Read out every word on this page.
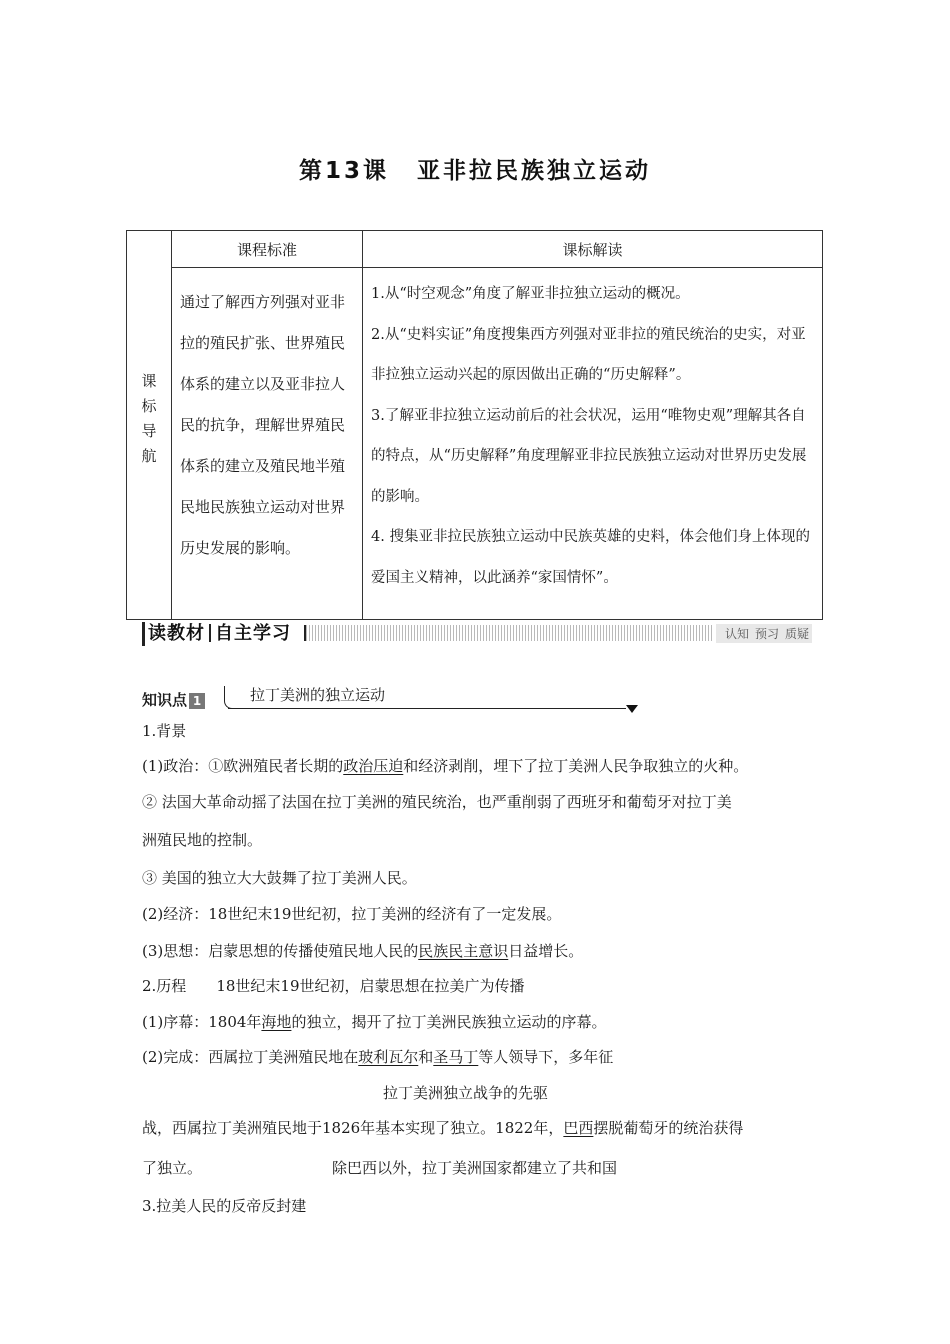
第13课 亚非拉民族独立运动
课标导航	课程标准	课标解读
	通过了解西方列强对亚非拉的殖民扩张、世界殖民体系的建立以及亚非拉人民的抗争，理解世界殖民体系的建立及殖民地半殖民地民族独立运动对世界历史发展的影响。	1.从“时空观念”角度了解亚非拉独立运动的概况。

2.从“史料实证”角度搜集西方列强对亚非拉的殖民统治的史实，对亚非拉独立运动兴起的原因做出正确的“历史解释”。

3.了解亚非拉独立运动前后的社会状况，运用“唯物史观”理解其各自的特点，从“历史解释”角度理解亚非拉民族独立运动对世界历史发展的影响。

4. 搜集亚非拉民族独立运动中民族英雄的史料，体会他们身上体现的爱国主义精神，以此涵养“家国情怀”。

读教材 自主学习	认知 预习 质疑
知识点 1	拉丁美洲的独立运动
1.背景
(1)政治：①欧洲殖民者长期的政治压迫和经济剥削，埋下了拉丁美洲人民争取独立的火种。
② 法国大革命动摇了法国在拉丁美洲的殖民统治，也严重削弱了西班牙和葡萄牙对拉丁美
洲殖民地的控制。
③ 美国的独立大大鼓舞了拉丁美洲人民。
(2)经济：18世纪末19世纪初，拉丁美洲的经济有了一定发展。
(3)思想：启蒙思想的传播使殖民地人民的民族民主意识日益增长。
2.历程 18世纪末19世纪初，启蒙思想在拉美广为传播
(1)序幕：1804年海地的独立，揭开了拉丁美洲民族独立运动的序幕。
(2)完成：西属拉丁美洲殖民地在玻利瓦尔和圣马丁等人领导下，多年征
拉丁美洲独立战争的先驱
战，西属拉丁美洲殖民地于1826年基本实现了独立。1822年，巴西摆脱葡萄牙的统治获得
了独立。	除巴西以外，拉丁美洲国家都建立了共和国
3.拉美人民的反帝反封建
